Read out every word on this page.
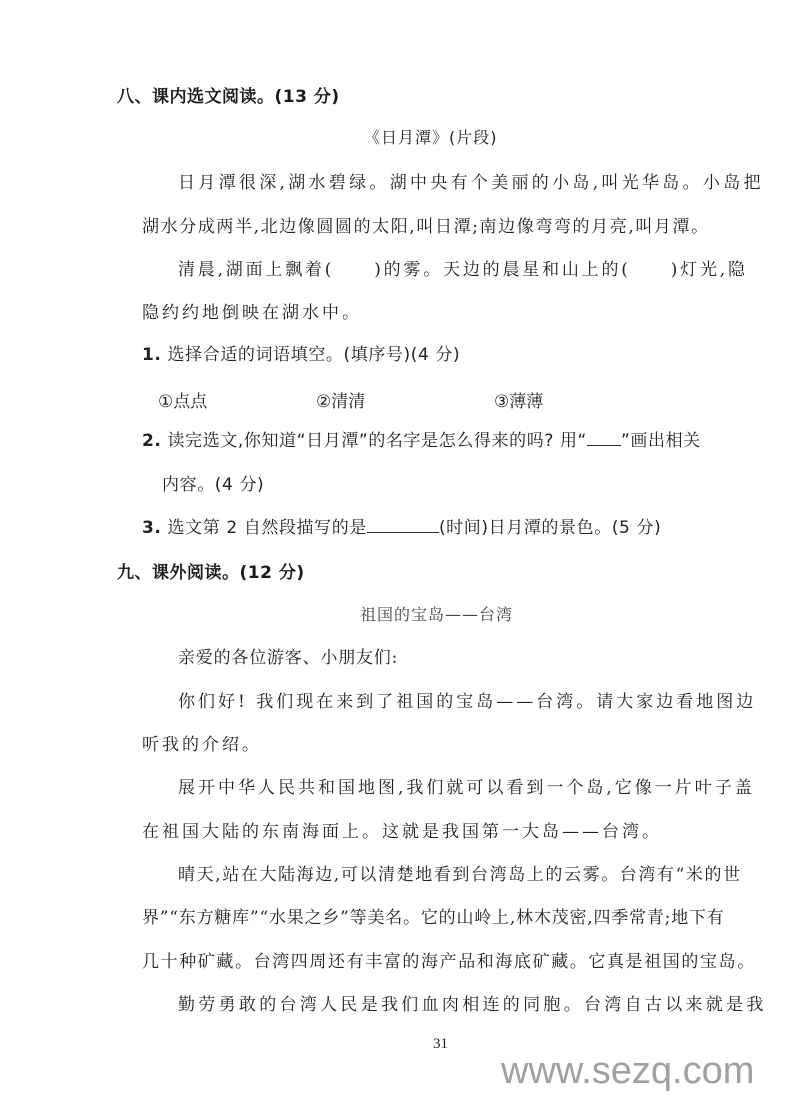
八、课内选文阅读。(13 分)
《日月潭》(片段)
日月潭很深,湖水碧绿。湖中央有个美丽的小岛,叫光华岛。小岛把
湖水分成两半,北边像圆圆的太阳,叫日潭;南边像弯弯的月亮,叫月潭。
清晨,湖面上飘着( )的雾。天边的晨星和山上的( )灯光,隐
隐约约地倒映在湖水中。
1. 选择合适的词语填空。(填序号)(4 分)
①点点	②清清	③薄薄
2. 读完选文,你知道“日月潭”的名字是怎么得来的吗? 用“ ”画出相关
内容。(4 分)
3. 选文第 2 自然段描写的是	(时间)日月潭的景色。(5 分)
九、课外阅读。(12 分)
祖国的宝岛——台湾
亲爱的各位游客、小朋友们:
你们好! 我们现在来到了祖国的宝岛——台湾。请大家边看地图边
听我的介绍。
展开中华人民共和国地图,我们就可以看到一个岛,它像一片叶子盖
在祖国大陆的东南海面上。这就是我国第一大岛——台湾。
晴天,站在大陆海边,可以清楚地看到台湾岛上的云雾。台湾有“米的世
界”“东方糖库”“水果之乡”等美名。它的山岭上,林木茂密,四季常青;地下有
几十种矿藏。台湾四周还有丰富的海产品和海底矿藏。它真是祖国的宝岛。
勤劳勇敢的台湾人民是我们血肉相连的同胞。台湾自古以来就是我
31
www.sezq.com
